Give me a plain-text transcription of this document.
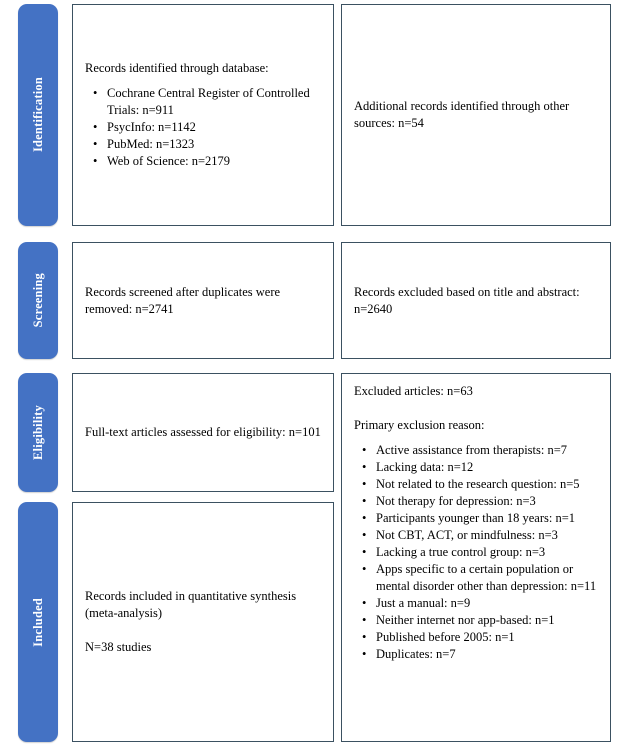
Identification
Screening
Eligibility
Included

Records identified through database:

• Cochrane Central Register of Controlled Trials: n=911
• PsycInfo: n=1142
• PubMed: n=1323
• Web of Science: n=2179

Additional records identified through other sources: n=54

Records screened after duplicates were removed: n=2741

Records excluded based on title and abstract: n=2640

Full-text articles assessed for eligibility: n=101

Excluded articles: n=63

Primary exclusion reason:

• Active assistance from therapists: n=7
• Lacking data: n=12
• Not related to the research question: n=5
• Not therapy for depression: n=3
• Participants younger than 18 years: n=1
• Not CBT, ACT, or mindfulness: n=3
• Lacking a true control group: n=3
• Apps specific to a certain population or mental disorder other than depression: n=11
• Just a manual: n=9
• Neither internet nor app-based: n=1
• Published before 2005: n=1
• Duplicates: n=7

Records included in quantitative synthesis

(meta-analysis)

N=38 studies
